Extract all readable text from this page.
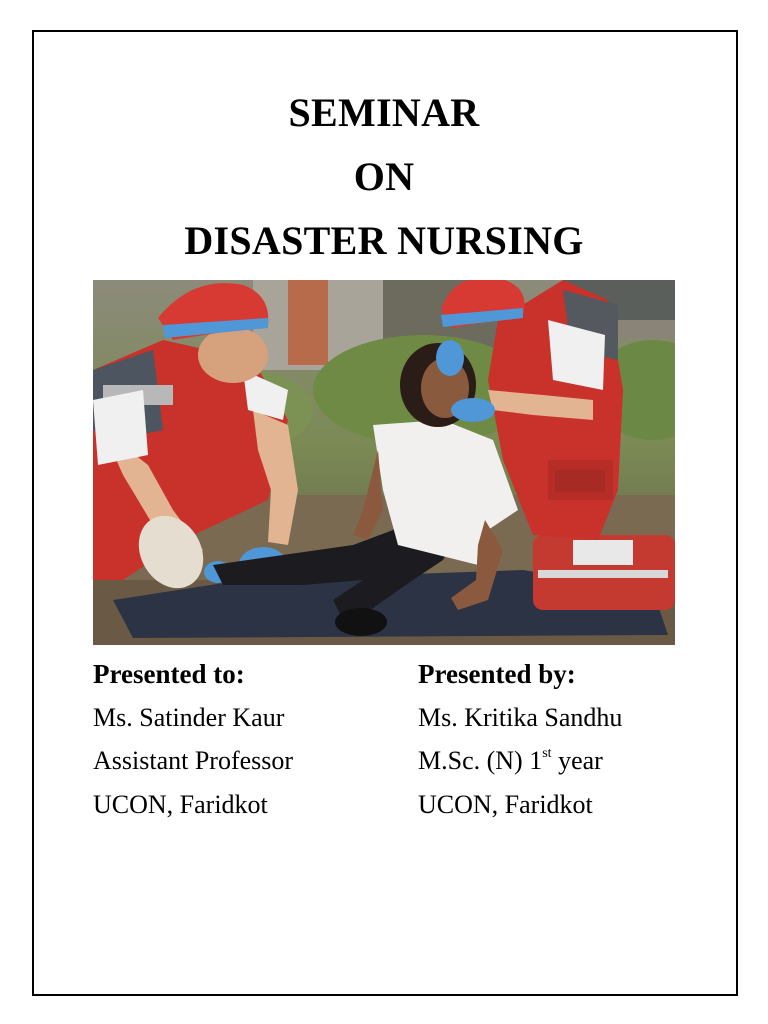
SEMINAR
ON
DISASTER NURSING
Presented to:
Ms. Satinder Kaur
Assistant Professor
UCON, Faridkot
Presented by:
Ms. Kritika Sandhu
M.Sc. (N) 1st year
UCON, Faridkot
